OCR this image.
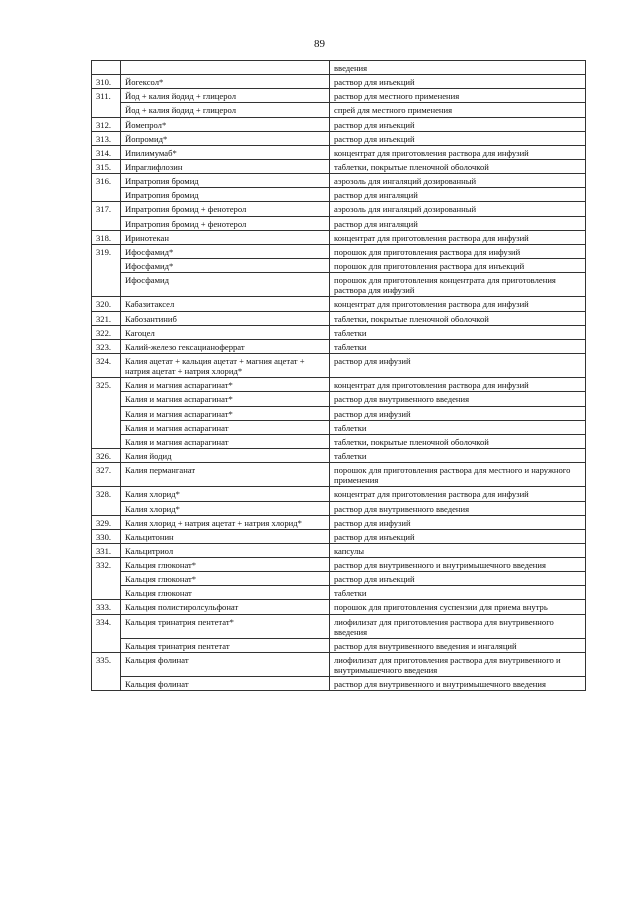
89
		введения
310.	Йогексол*	раствор для инъекций
311.	Йод + калия йодид + глицерол	раствор для местного применения
	Йод + калия йодид + глицерол	спрей для местного применения
312.	Йомепрол*	раствор для инъекций
313.	Йопромид*	раствор для инъекций
314.	Ипилимумаб*	концентрат для приготовления раствора для инфузий
315.	Ипраглифлозин	таблетки, покрытые пленочной оболочкой
316.	Ипратропия бромид	аэрозоль для ингаляций дозированный
	Ипратропия бромид	раствор для ингаляций
317.	Ипратропия бромид + фенотерол	аэрозоль для ингаляций дозированный
	Ипратропия бромид + фенотерол	раствор для ингаляций
318.	Иринотекан	концентрат для приготовления раствора для инфузий
319.	Ифосфамид*	порошок для приготовления раствора для инфузий
	Ифосфамид*	порошок для приготовления раствора для инъекций
	Ифосфамид	порошок для приготовления концентрата для приготовления раствора для инфузий
320.	Кабазитаксел	концентрат для приготовления раствора для инфузий
321.	Кабозантиниб	таблетки, покрытые пленочной оболочкой
322.	Кагоцел	таблетки
323.	Калий-железо гексацианоферрат	таблетки
324.	Калия ацетат + кальция ацетат + магния ацетат + натрия ацетат + натрия хлорид*	раствор для инфузий
325.	Калия и магния аспарагинат*	концентрат для приготовления раствора для инфузий
	Калия и магния аспарагинат*	раствор для внутривенного введения
	Калия и магния аспарагинат*	раствор для инфузий
	Калия и магния аспарагинат	таблетки
	Калия и магния аспарагинат	таблетки, покрытые пленочной оболочкой
326.	Калия йодид	таблетки
327.	Калия перманганат	порошок для приготовления раствора для местного и наружного применения
328.	Калия хлорид*	концентрат для приготовления раствора для инфузий
	Калия хлорид*	раствор для внутривенного введения
329.	Калия хлорид + натрия ацетат + натрия хлорид*	раствор для инфузий
330.	Кальцитонин	раствор для инъекций
331.	Кальцитриол	капсулы
332.	Кальция глюконат*	раствор для внутривенного и внутримышечного введения
	Кальция глюконат*	раствор для инъекций
	Кальция глюконат	таблетки
333.	Кальция полистиролсульфонат	порошок для приготовления суспензии для приема внутрь
334.	Кальция тринатрия пентетат*	лиофилизат для приготовления раствора для внутривенного введения
	Кальция тринатрия пентетат	раствор для внутривенного введения и ингаляций
335.	Кальция фолинат	лиофилизат для приготовления раствора для внутривенного и внутримышечного введения
	Кальция фолинат	раствор для внутривенного и внутримышечного введения
